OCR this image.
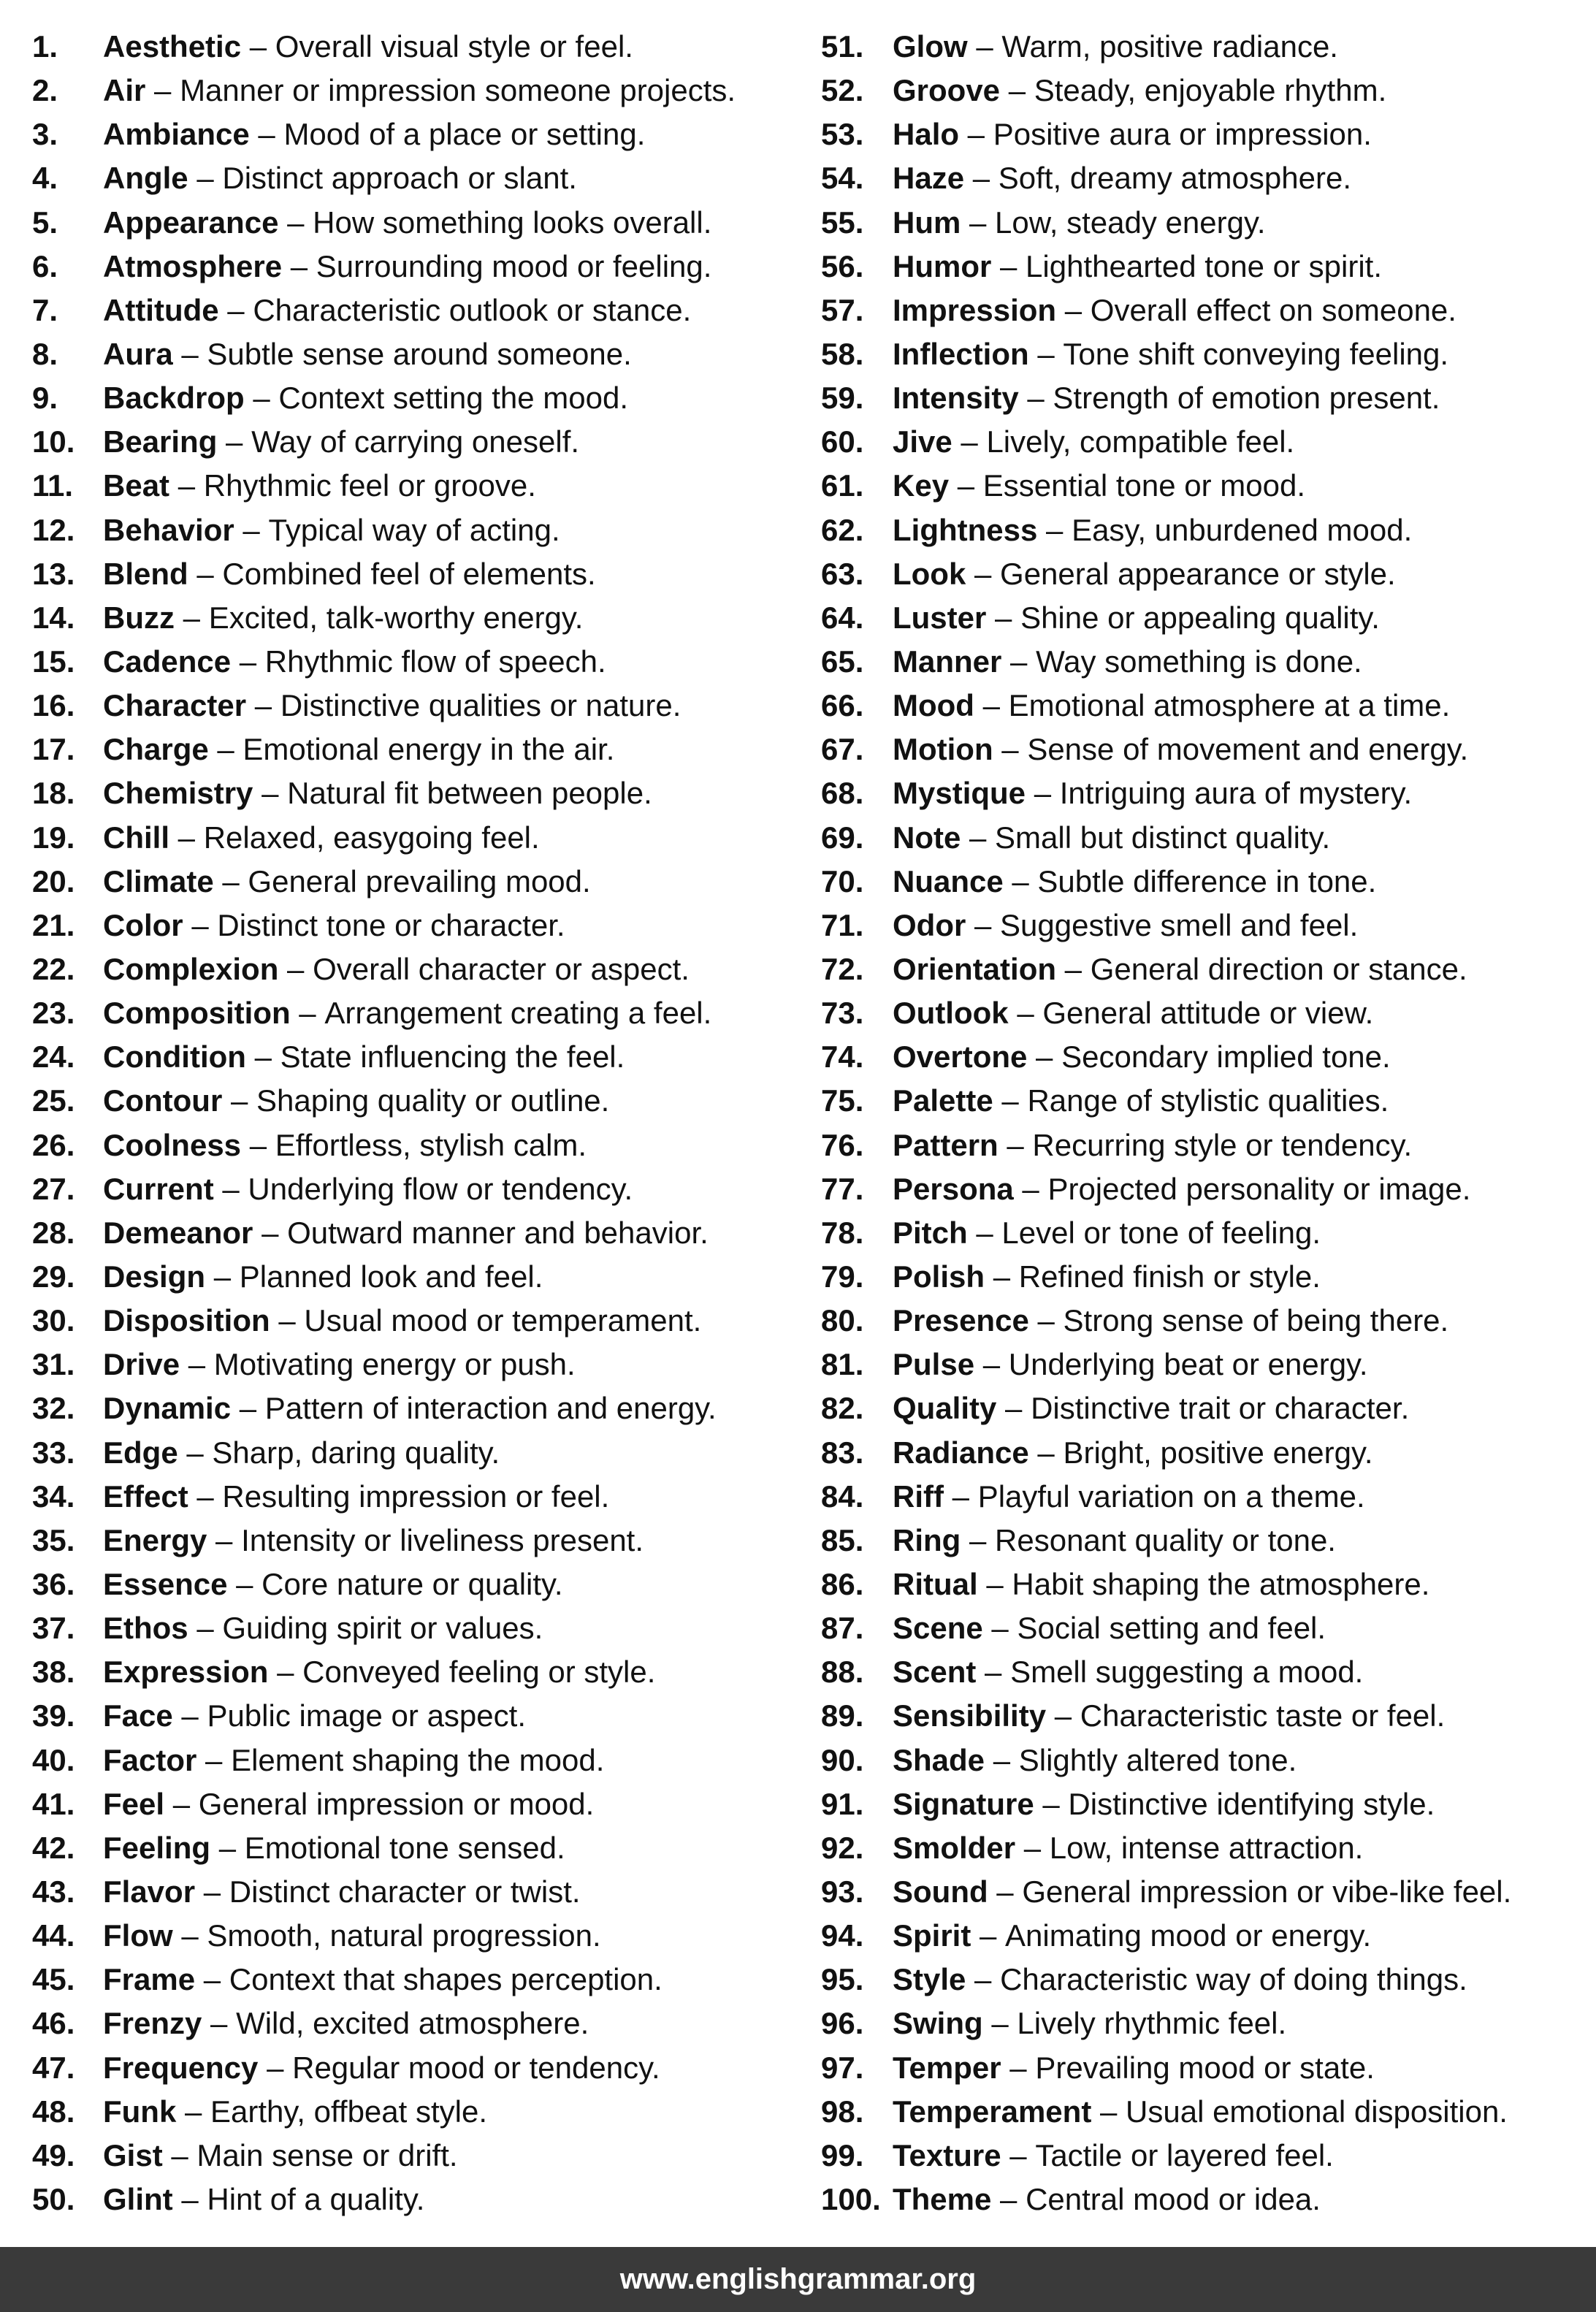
1.	Aesthetic – Overall visual style or feel.
2.	Air – Manner or impression someone projects.
3.	Ambiance – Mood of a place or setting.
4.	Angle – Distinct approach or slant.
5.	Appearance – How something looks overall.
6.	Atmosphere – Surrounding mood or feeling.
7.	Attitude – Characteristic outlook or stance.
8.	Aura – Subtle sense around someone.
9.	Backdrop – Context setting the mood.
10. Bearing – Way of carrying oneself.
11. Beat – Rhythmic feel or groove.
12. Behavior – Typical way of acting.
13. Blend – Combined feel of elements.
14. Buzz – Excited, talk-worthy energy.
15. Cadence – Rhythmic flow of speech.
16. Character – Distinctive qualities or nature.
17. Charge – Emotional energy in the air.
18. Chemistry – Natural fit between people.
19. Chill – Relaxed, easygoing feel.
20. Climate – General prevailing mood.
21. Color – Distinct tone or character.
22. Complexion – Overall character or aspect.
23. Composition – Arrangement creating a feel.
24. Condition – State influencing the feel.
25. Contour – Shaping quality or outline.
26. Coolness – Effortless, stylish calm.
27. Current – Underlying flow or tendency.
28. Demeanor – Outward manner and behavior.
29. Design – Planned look and feel.
30. Disposition – Usual mood or temperament.
31. Drive – Motivating energy or push.
32. Dynamic – Pattern of interaction and energy.
33. Edge – Sharp, daring quality.
34. Effect – Resulting impression or feel.
35. Energy – Intensity or liveliness present.
36. Essence – Core nature or quality.
37. Ethos – Guiding spirit or values.
38. Expression – Conveyed feeling or style.
39. Face – Public image or aspect.
40. Factor – Element shaping the mood.
41. Feel – General impression or mood.
42. Feeling – Emotional tone sensed.
43. Flavor – Distinct character or twist.
44. Flow – Smooth, natural progression.
45. Frame – Context that shapes perception.
46. Frenzy – Wild, excited atmosphere.
47. Frequency – Regular mood or tendency.
48. Funk – Earthy, offbeat style.
49. Gist – Main sense or drift.
50. Glint – Hint of a quality.
51. Glow – Warm, positive radiance.
52. Groove – Steady, enjoyable rhythm.
53. Halo – Positive aura or impression.
54. Haze – Soft, dreamy atmosphere.
55. Hum – Low, steady energy.
56. Humor – Lighthearted tone or spirit.
57. Impression – Overall effect on someone.
58. Inflection – Tone shift conveying feeling.
59. Intensity – Strength of emotion present.
60. Jive – Lively, compatible feel.
61. Key – Essential tone or mood.
62. Lightness – Easy, unburdened mood.
63. Look – General appearance or style.
64. Luster – Shine or appealing quality.
65. Manner – Way something is done.
66. Mood – Emotional atmosphere at a time.
67. Motion – Sense of movement and energy.
68. Mystique – Intriguing aura of mystery.
69. Note – Small but distinct quality.
70. Nuance – Subtle difference in tone.
71. Odor – Suggestive smell and feel.
72. Orientation – General direction or stance.
73. Outlook – General attitude or view.
74. Overtone – Secondary implied tone.
75. Palette – Range of stylistic qualities.
76. Pattern – Recurring style or tendency.
77. Persona – Projected personality or image.
78. Pitch – Level or tone of feeling.
79. Polish – Refined finish or style.
80. Presence – Strong sense of being there.
81. Pulse – Underlying beat or energy.
82. Quality – Distinctive trait or character.
83. Radiance – Bright, positive energy.
84. Riff – Playful variation on a theme.
85. Ring – Resonant quality or tone.
86. Ritual – Habit shaping the atmosphere.
87. Scene – Social setting and feel.
88. Scent – Smell suggesting a mood.
89. Sensibility – Characteristic taste or feel.
90. Shade – Slightly altered tone.
91. Signature – Distinctive identifying style.
92. Smolder – Low, intense attraction.
93. Sound – General impression or vibe-like feel.
94. Spirit – Animating mood or energy.
95. Style – Characteristic way of doing things.
96. Swing – Lively rhythmic feel.
97. Temper – Prevailing mood or state.
98. Temperament – Usual emotional disposition.
99. Texture – Tactile or layered feel.
100. Theme – Central mood or idea.
www.englishgrammar.org
